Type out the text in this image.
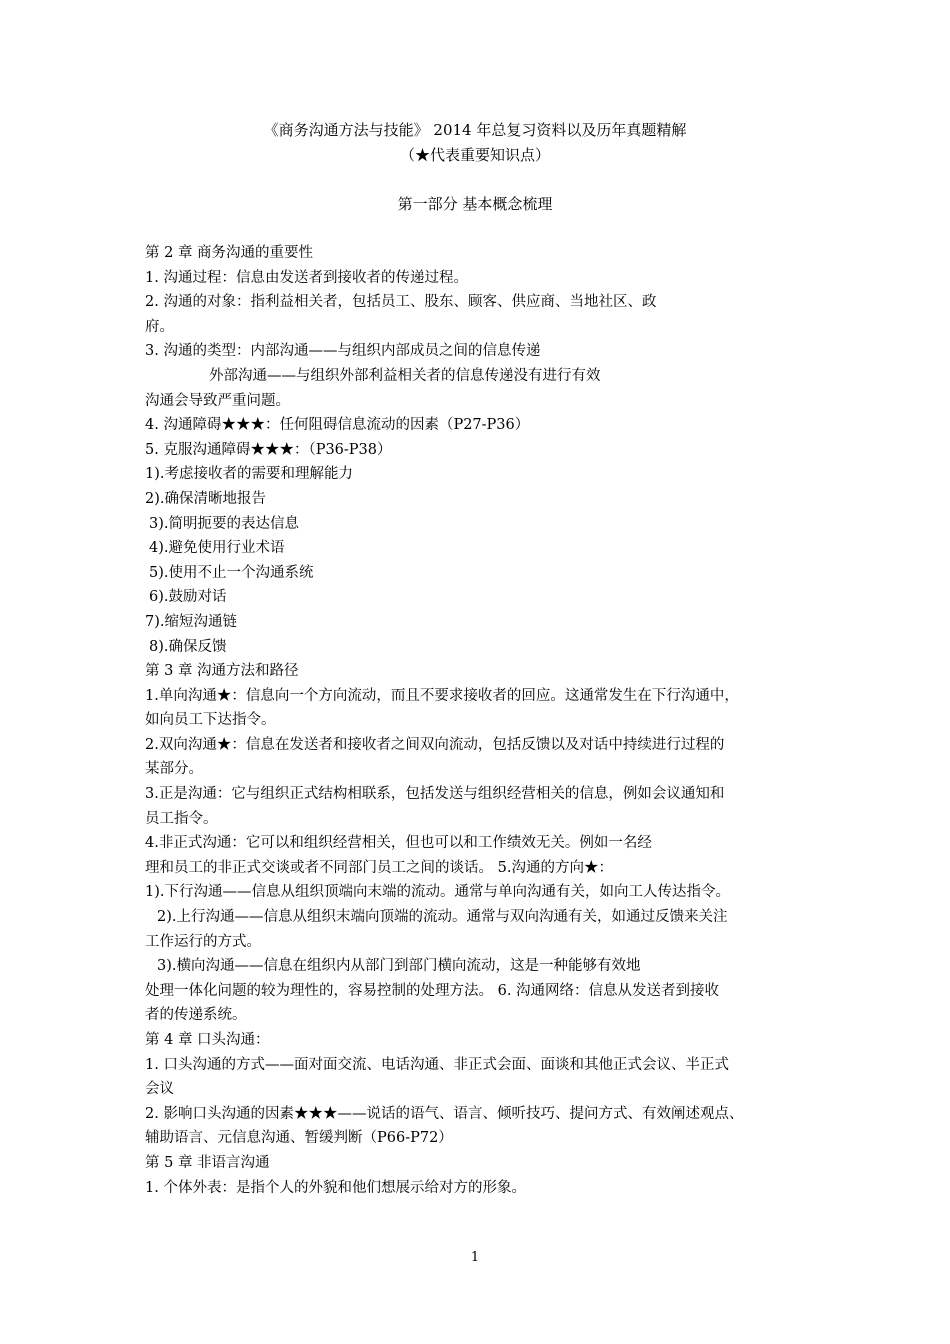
《商务沟通方法与技能》 2014 年总复习资料以及历年真题精解
（★代表重要知识点）
第一部分 基本概念梳理
第 2 章 商务沟通的重要性
1. 沟通过程：信息由发送者到接收者的传递过程。
2. 沟通的对象：指利益相关者，包括员工、股东、顾客、供应商、当地社区、政
府。
3. 沟通的类型：内部沟通——与组织内部成员之间的信息传递
外部沟通——与组织外部利益相关者的信息传递没有进行有效
沟通会导致严重问题。
4. 沟通障碍★★★：任何阻碍信息流动的因素（P27-P36）
5. 克服沟通障碍★★★：（P36-P38）
1).考虑接收者的需要和理解能力
2).确保清晰地报告
3).简明扼要的表达信息
4).避免使用行业术语
5).使用不止一个沟通系统
6).鼓励对话
7).缩短沟通链
8).确保反馈
第 3 章 沟通方法和路径
1.单向沟通★：信息向一个方向流动，而且不要求接收者的回应。这通常发生在下行沟通中，
如向员工下达指令。
2.双向沟通★：信息在发送者和接收者之间双向流动，包括反馈以及对话中持续进行过程的
某部分。
3.正是沟通：它与组织正式结构相联系，包括发送与组织经营相关的信息，例如会议通知和
员工指令。
4.非正式沟通：它可以和组织经营相关，但也可以和工作绩效无关。例如一名经
理和员工的非正式交谈或者不同部门员工之间的谈话。 5.沟通的方向★：
1).下行沟通——信息从组织顶端向末端的流动。通常与单向沟通有关，如向工人传达指令。
2).上行沟通——信息从组织末端向顶端的流动。通常与双向沟通有关，如通过反馈来关注
工作运行的方式。
3).横向沟通——信息在组织内从部门到部门横向流动，这是一种能够有效地
处理一体化问题的较为理性的，容易控制的处理方法。 6. 沟通网络：信息从发送者到接收
者的传递系统。
第 4 章 口头沟通：
1. 口头沟通的方式——面对面交流、电话沟通、非正式会面、面谈和其他正式会议、半正式
会议
2. 影响口头沟通的因素★★★——说话的语气、语言、倾听技巧、提问方式、有效阐述观点、
辅助语言、元信息沟通、暂缓判断（P66-P72）
第 5 章 非语言沟通
1. 个体外表：是指个人的外貌和他们想展示给对方的形象。
1
